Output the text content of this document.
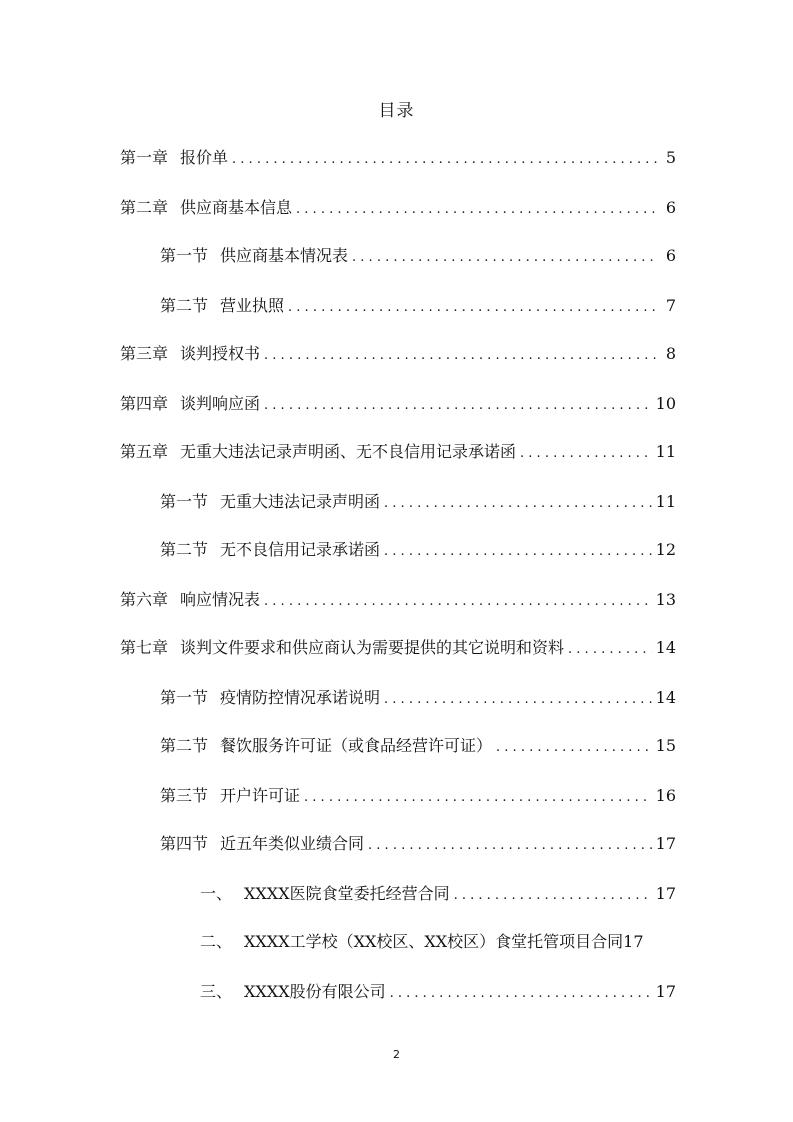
目录
第一章 报价单 . . .	5
第二章 供应商基本信息 . . .	6
第一节 供应商基本情况表 . . .	6
第二节 营业执照 . . .	7
第三章 谈判授权书 . . .	8
第四章 谈判响应函 . . .	10
第五章 无重大违法记录声明函、无不良信用记录承诺函 . . .	11
第一节 无重大违法记录声明函 . . .	11
第二节 无不良信用记录承诺函 . . .	12
第六章 响应情况表 . . .	13
第七章 谈判文件要求和供应商认为需要提供的其它说明和资料 . . .	14
第一节 疫情防控情况承诺说明 . . .	14
第二节 餐饮服务许可证（或食品经营许可证） . . .	15
第三节 开户许可证 . . .	16
第四节 近五年类似业绩合同 . . .	17
一、 XXXX医院食堂委托经营合同 . . .	17
二、 XXXX工学校（XX校区、XX校区）食堂托管项目合同 17
三、 XXXX股份有限公司 . . .	17
2
